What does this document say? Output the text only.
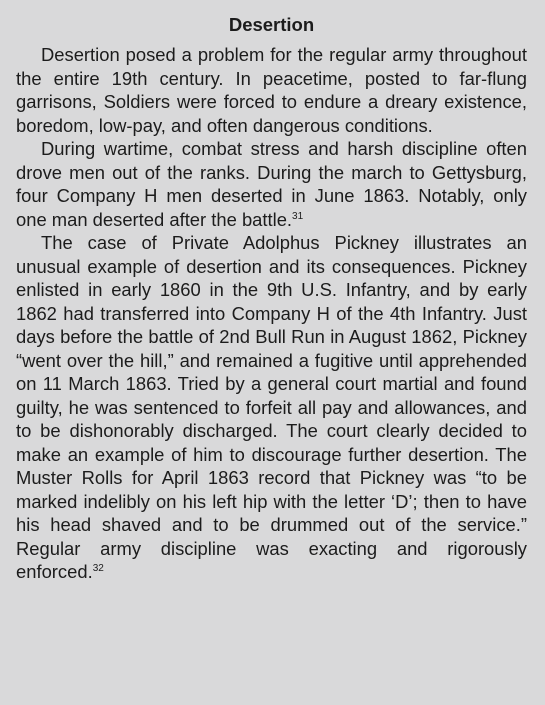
Desertion

Desertion posed a problem for the regular army throughout the entire 19th century. In peacetime, posted to far-flung garrisons, Soldiers were forced to endure a dreary existence, boredom, low-pay, and often dangerous conditions.

During wartime, combat stress and harsh discipline often drove men out of the ranks. During the march to Gettysburg, four Company H men deserted in June 1863. Notably, only one man deserted after the battle.$^{31}$

The case of Private Adolphus Pickney illustrates an unusual example of desertion and its consequences. Pickney enlisted in early 1860 in the 9th U.S. Infantry, and by early 1862 had transferred into Company H of the 4th Infantry. Just days before the battle of 2nd Bull Run in August 1862, Pickney “went over the hill,” and remained a fugitive until apprehended on 11 March 1863. Tried by a general court martial and found guilty, he was sentenced to forfeit all pay and allowances, and to be dishonorably discharged. The court clearly decided to make an example of him to discourage further desertion. The Muster Rolls for April 1863 record that Pickney was “to be marked indelibly on his left hip with the letter ‘D’; then to have his head shaved and to be drummed out of the service.” Regular army discipline was exacting and rigorously enforced.$^{32}$
